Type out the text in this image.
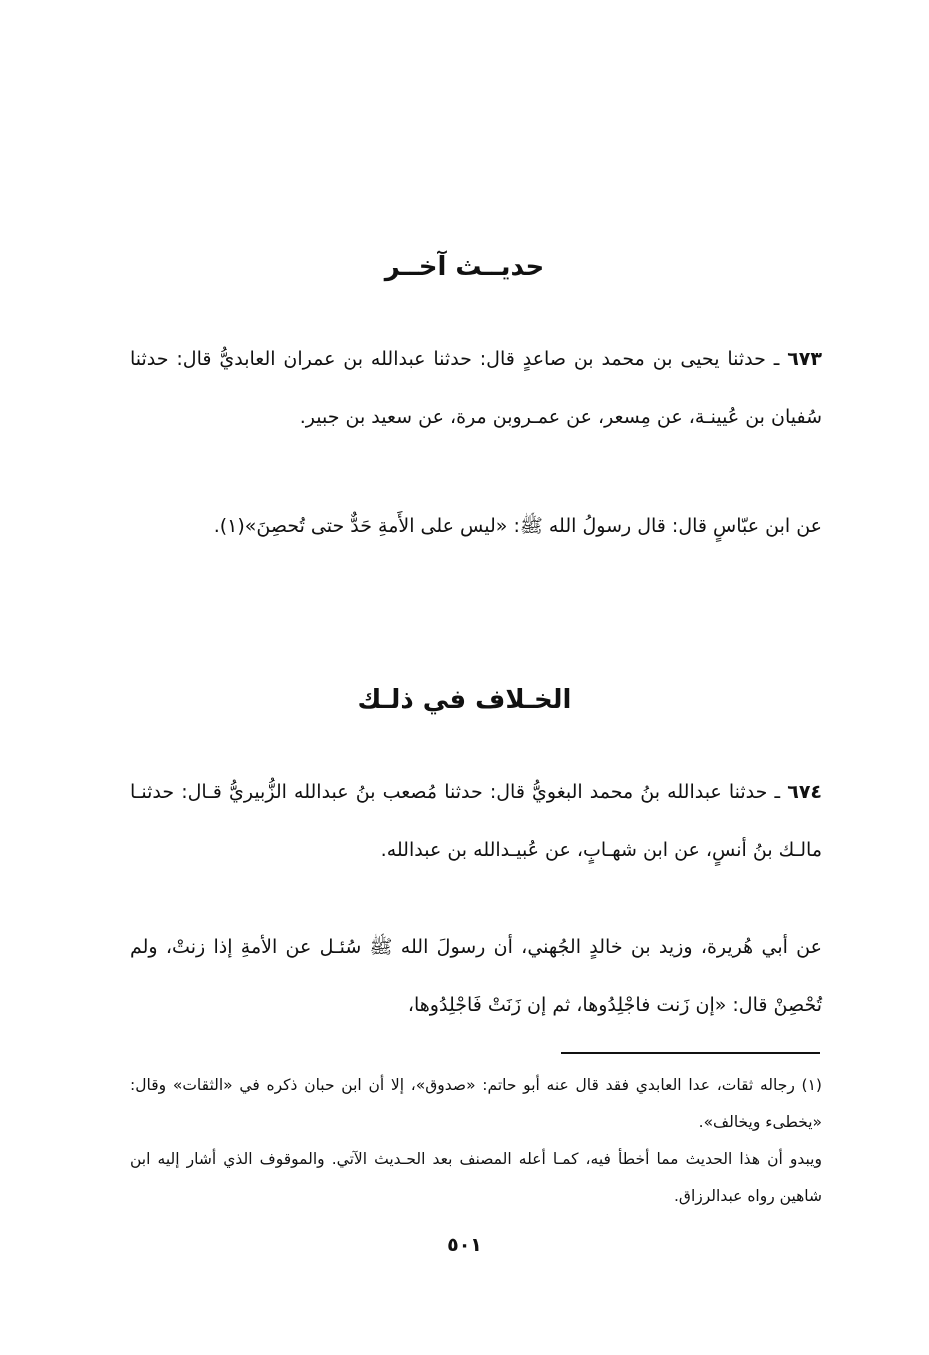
حديــث آخــر
٦٧٣ ـ حدثنا يحيى بن محمد بن صاعدٍ قال: حدثنا عبدالله بن عمران العابديُّ قال: حدثنا سُفيان بن عُيينـة، عن مِسعر، عن عمـروبن مرة، عن سعيد بن جبير.
عن ابن عبّاسٍ قال: قال رسولُ الله ﷺ: «ليس على الأَمةِ حَدٌّ حتى تُحصِنَ»(١).
الخـلاف في ذلـك
٦٧٤ ـ حدثنا عبدالله بنُ محمد البغويُّ قال: حدثنا مُصعب بنُ عبدالله الزُّبيريُّ قـال: حدثنـا مالـك بنُ أنسٍ، عن ابن شهـابٍ، عن عُبيـدالله بن عبدالله.
عن أبي هُريرة، وزيد بن خالدٍ الجُهني، أن رسولَ الله ﷺ سُئـل عن الأمةِ إذا زنتْ، ولم تُحْصِنْ قال: «إن زَنت فاجْلِدُوها، ثم إن زَنَتْ فَاجْلِدُوها،
(١) رجاله ثقات، عدا العابدي فقد قال عنه أبو حاتم: «صدوق»، إلا أن ابن حبان ذكره في «الثقات» وقال: «يخطىء ويخالف».
ويبدو أن هذا الحديث مما أخطأ فيه، كمـا أعله المصنف بعد الحـديث الآتي. والموقوف الذي أشار إليه ابن شاهين رواه عبدالرزاق.
٥٠١
